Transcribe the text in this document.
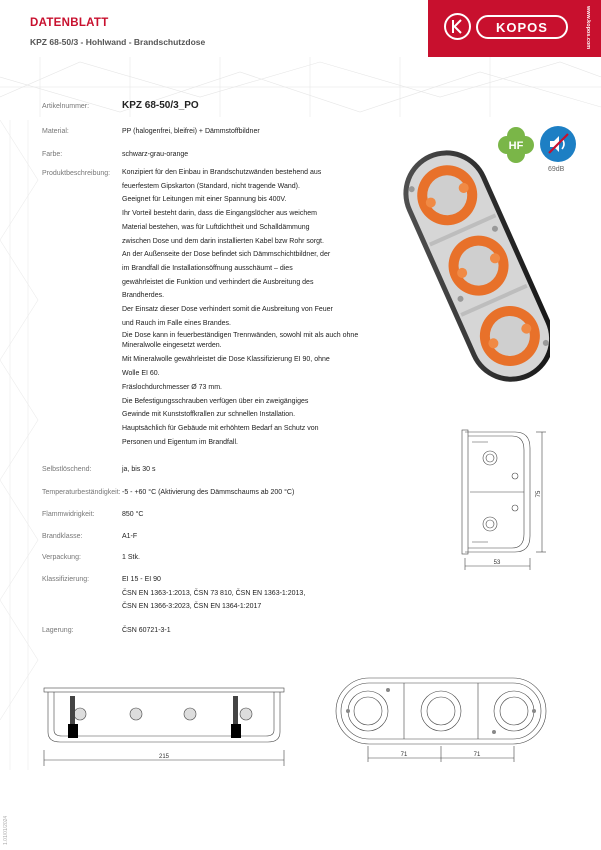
DATENBLATT
KPZ 68-50/3 - Hohlwand - Brandschutzdose
KOPOS	www.kopos.com
Artikelnummer:	KPZ 68-50/3_PO
Material:	PP (halogenfrei, bleifrei) + Dämmstoffbildner
Farbe:	schwarz-grau-orange
Produktbeschreibung: Konzipiert für den Einbau in Brandschutzwänden bestehend aus
feuerfestem Gipskarton (Standard, nicht tragende Wand).
Geeignet für Leitungen mit einer Spannung bis 400V.
Ihr Vorteil besteht darin, dass die Eingangslöcher aus weichem
Material bestehen, was für Luftdichtheit und Schalldämmung
zwischen Dose und dem darin installierten Kabel bzw Rohr sorgt.
An der Außenseite der Dose befindet sich Dämmschichtbildner, der
im Brandfall die Installationsöffnung ausschäumt – dies
gewährleistet die Funktion und verhindert die Ausbreitung des
Brandherdes.
Der Einsatz dieser Dose verhindert somit die Ausbreitung von Feuer
und Rauch im Falle eines Brandes.
Die Dose kann in feuerbeständigen Trennwänden, sowohl mit als auch ohne Mineralwolle eingesetzt werden.
Mit Mineralwolle gewährleistet die Dose Klassifizierung EI 90, ohne
Wolle EI 60.
Fräslochdurchmesser Ø 73 mm.
Die Befestigungsschrauben verfügen über ein zweigängiges
Gewinde mit Kunststoffkrallen zur schnellen Installation.
Hauptsächlich für Gebäude mit erhöhtem Bedarf an Schutz von
Personen und Eigentum im Brandfall.
Selbstlöschend:	ja, bis 30 s
Temperaturbeständigkeit: -5 - +60 °C (Aktivierung des Dämmschaums ab 200 °C)
Flammwidrigkeit:	850 °C
Brandklasse:	A1-F
Verpackung:	1 Stk.
Klassifizierung:	EI 15 - EI 90
ČSN EN 1363-1:2013, ČSN 73 810, ČSN EN 1363-1:2013,
ČSN EN 1366-3:2023, ČSN EN 1364-1:2017
Lagerung:	ČSN 60721-3-1
HF
69dB
53
75
215	71	71
1.01/01/2024
